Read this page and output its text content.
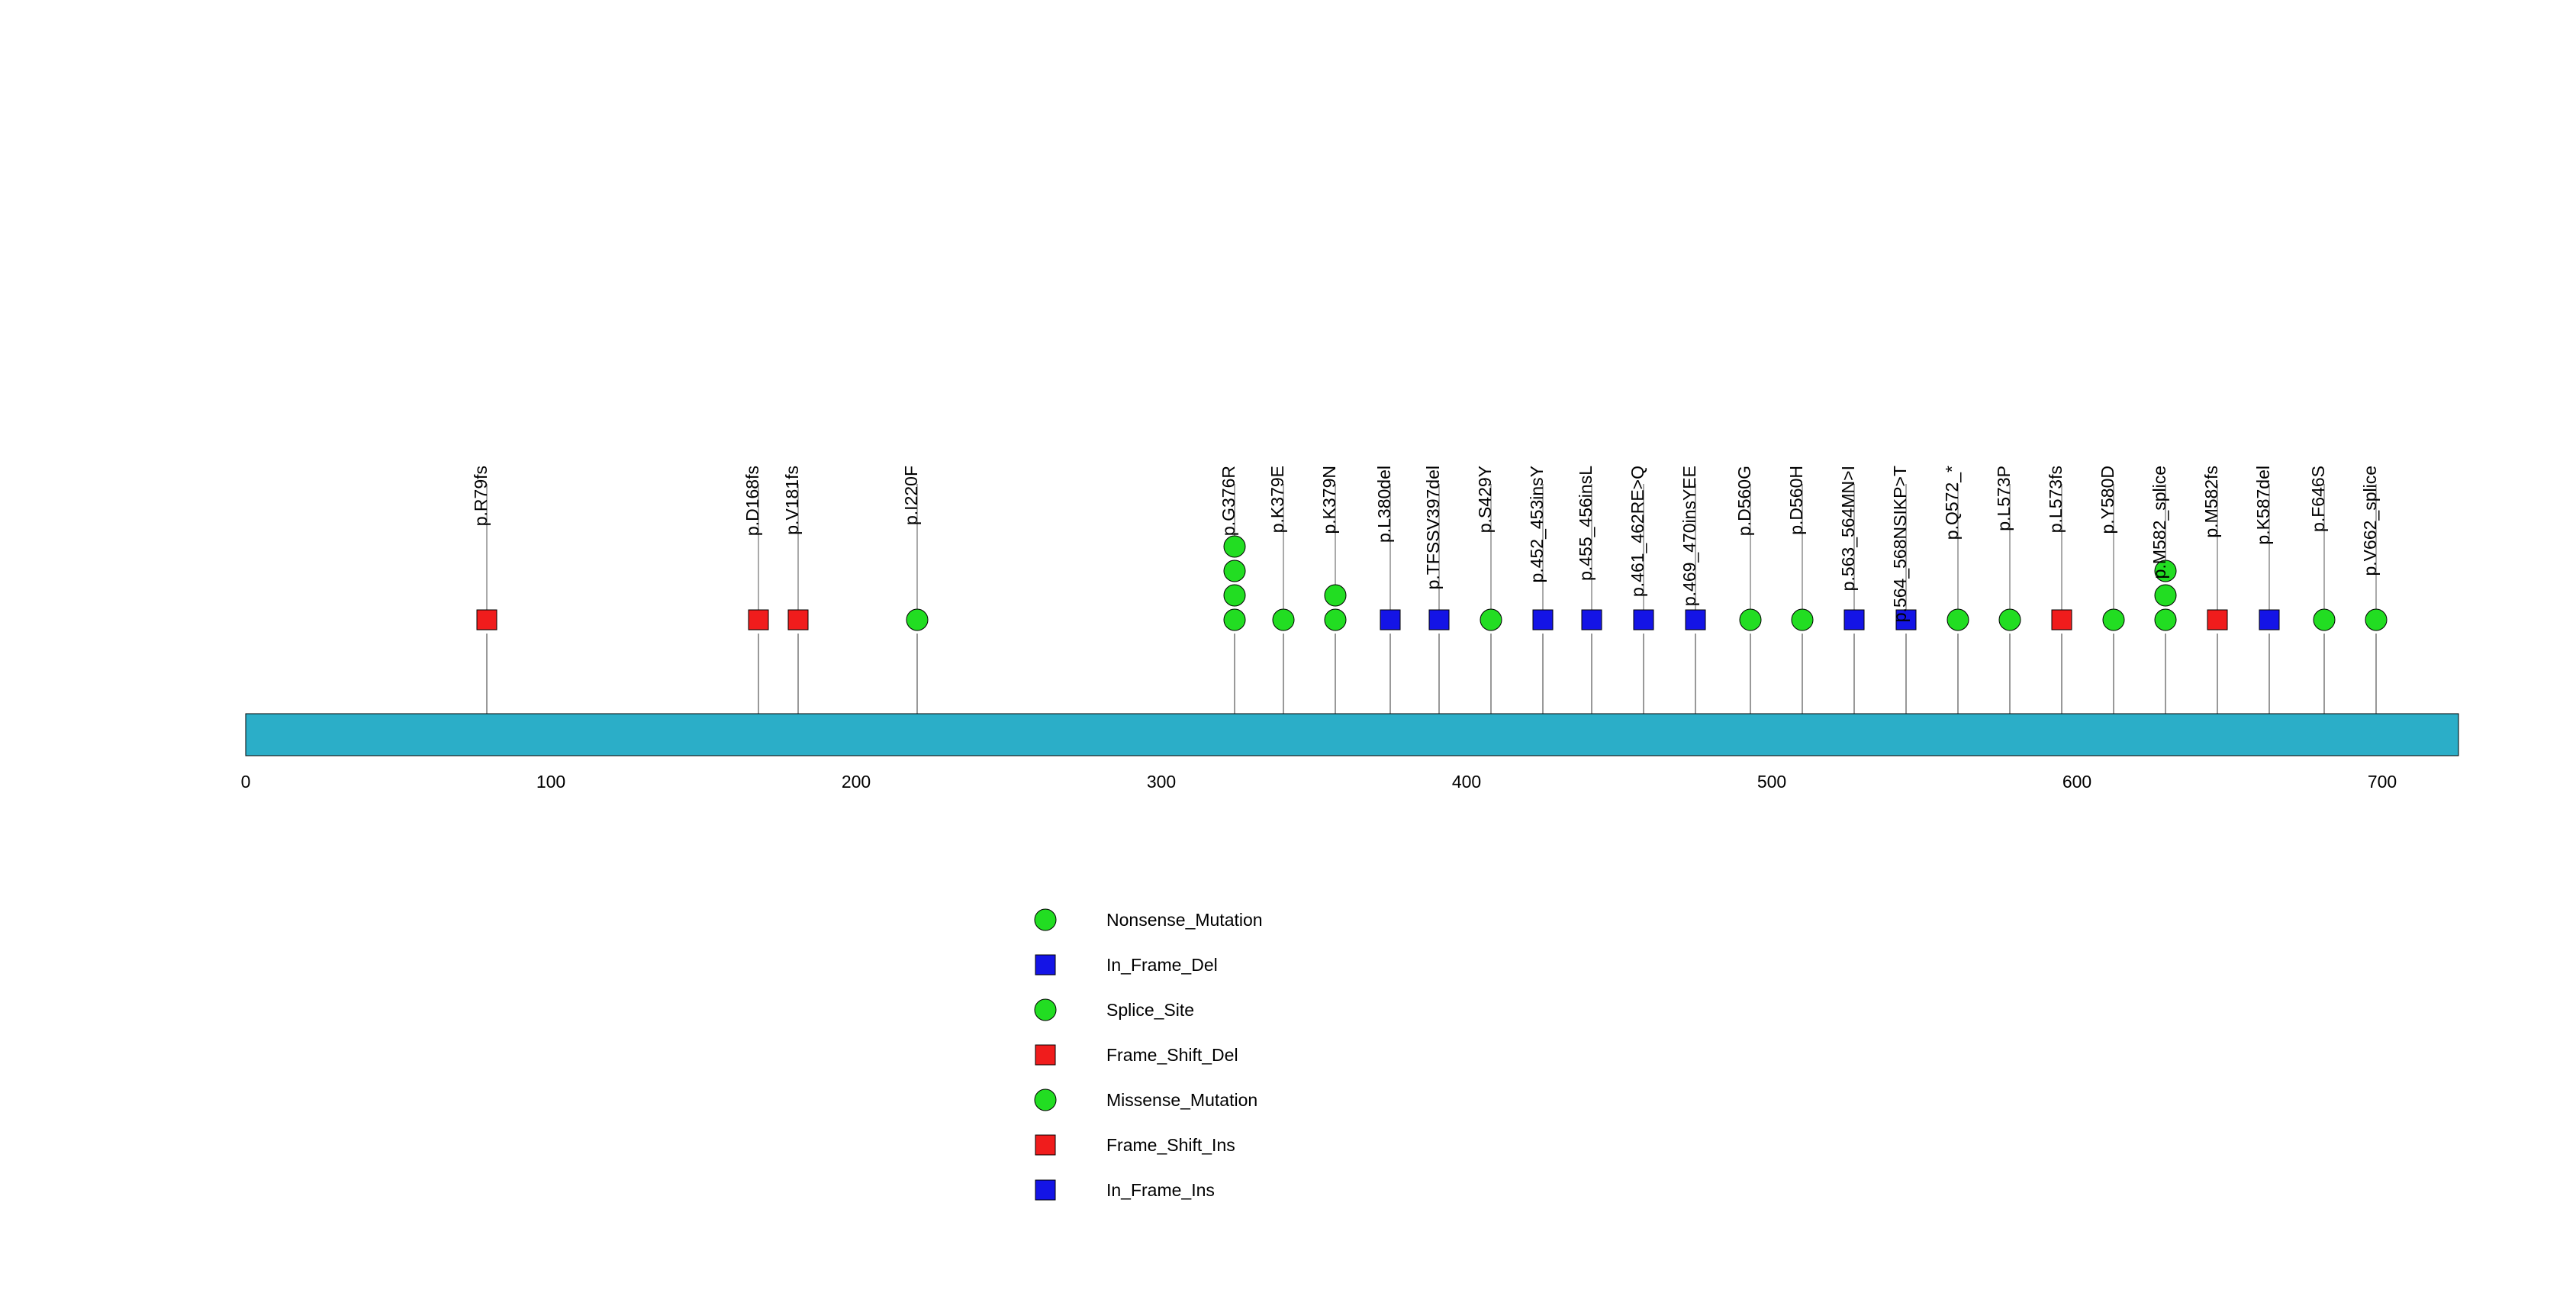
0	100	200	300	400	500	600	700
p.R79fs	p.D168fs p.V181fs	p.I220F	p.G376R p.K379E p.K379N p.L380del p.TFSSV397del p.S429Y p.452_453insY p.455_456insL p.461_462RE>Q p.469_470insYEE p.D560G p.D560H p.563_564MN>I p.564_568NSIKP>T p.Q572_* p.L573P p.L573fs p.Y580D p.M582_splice p.M582fs p.K587del p.F646S p.V662_splice
Nonsense_Mutation
In_Frame_Del
Splice_Site
Frame_Shift_Del
Missense_Mutation
Frame_Shift_Ins
In_Frame_Ins
